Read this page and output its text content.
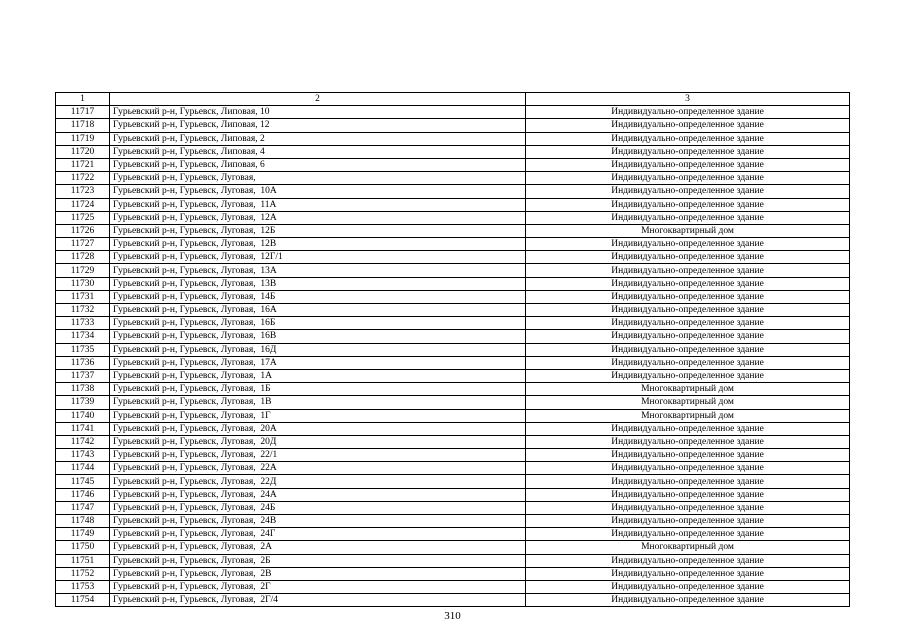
1	2	3
11717	Гурьевский р-н, Гурьевск, Липовая, 10	Индивидуально-определенное здание
11718	Гурьевский р-н, Гурьевск, Липовая, 12	Индивидуально-определенное здание
11719	Гурьевский р-н, Гурьевск, Липовая, 2	Индивидуально-определенное здание
11720	Гурьевский р-н, Гурьевск, Липовая, 4	Индивидуально-определенное здание
11721	Гурьевский р-н, Гурьевск, Липовая, 6	Индивидуально-определенное здание
11722	Гурьевский р-н, Гурьевск, Луговая,	Индивидуально-определенное здание
11723	Гурьевский р-н, Гурьевск, Луговая,  10А	Индивидуально-определенное здание
11724	Гурьевский р-н, Гурьевск, Луговая,  11А	Индивидуально-определенное здание
11725	Гурьевский р-н, Гурьевск, Луговая,  12А	Индивидуально-определенное здание
11726	Гурьевский р-н, Гурьевск, Луговая,  12Б	Многоквартирный дом
11727	Гурьевский р-н, Гурьевск, Луговая,  12В	Индивидуально-определенное здание
11728	Гурьевский р-н, Гурьевск, Луговая,  12Г/1	Индивидуально-определенное здание
11729	Гурьевский р-н, Гурьевск, Луговая,  13А	Индивидуально-определенное здание
11730	Гурьевский р-н, Гурьевск, Луговая,  13В	Индивидуально-определенное здание
11731	Гурьевский р-н, Гурьевск, Луговая,  14Б	Индивидуально-определенное здание
11732	Гурьевский р-н, Гурьевск, Луговая,  16А	Индивидуально-определенное здание
11733	Гурьевский р-н, Гурьевск, Луговая,  16Б	Индивидуально-определенное здание
11734	Гурьевский р-н, Гурьевск, Луговая,  16В	Индивидуально-определенное здание
11735	Гурьевский р-н, Гурьевск, Луговая,  16Д	Индивидуально-определенное здание
11736	Гурьевский р-н, Гурьевск, Луговая,  17А	Индивидуально-определенное здание
11737	Гурьевский р-н, Гурьевск, Луговая,  1А	Индивидуально-определенное здание
11738	Гурьевский р-н, Гурьевск, Луговая,  1Б	Многоквартирный дом
11739	Гурьевский р-н, Гурьевск, Луговая,  1В	Многоквартирный дом
11740	Гурьевский р-н, Гурьевск, Луговая,  1Г	Многоквартирный дом
11741	Гурьевский р-н, Гурьевск, Луговая,  20А	Индивидуально-определенное здание
11742	Гурьевский р-н, Гурьевск, Луговая,  20Д	Индивидуально-определенное здание
11743	Гурьевский р-н, Гурьевск, Луговая,  22/1	Индивидуально-определенное здание
11744	Гурьевский р-н, Гурьевск, Луговая,  22А	Индивидуально-определенное здание
11745	Гурьевский р-н, Гурьевск, Луговая,  22Д	Индивидуально-определенное здание
11746	Гурьевский р-н, Гурьевск, Луговая,  24А	Индивидуально-определенное здание
11747	Гурьевский р-н, Гурьевск, Луговая,  24Б	Индивидуально-определенное здание
11748	Гурьевский р-н, Гурьевск, Луговая,  24В	Индивидуально-определенное здание
11749	Гурьевский р-н, Гурьевск, Луговая,  24Г	Индивидуально-определенное здание
11750	Гурьевский р-н, Гурьевск, Луговая,  2А	Многоквартирный дом
11751	Гурьевский р-н, Гурьевск, Луговая,  2Б	Индивидуально-определенное здание
11752	Гурьевский р-н, Гурьевск, Луговая,  2В	Индивидуально-определенное здание
11753	Гурьевский р-н, Гурьевск, Луговая,  2Г	Индивидуально-определенное здание
11754	Гурьевский р-н, Гурьевск, Луговая,  2Г/4	Индивидуально-определенное здание
310
